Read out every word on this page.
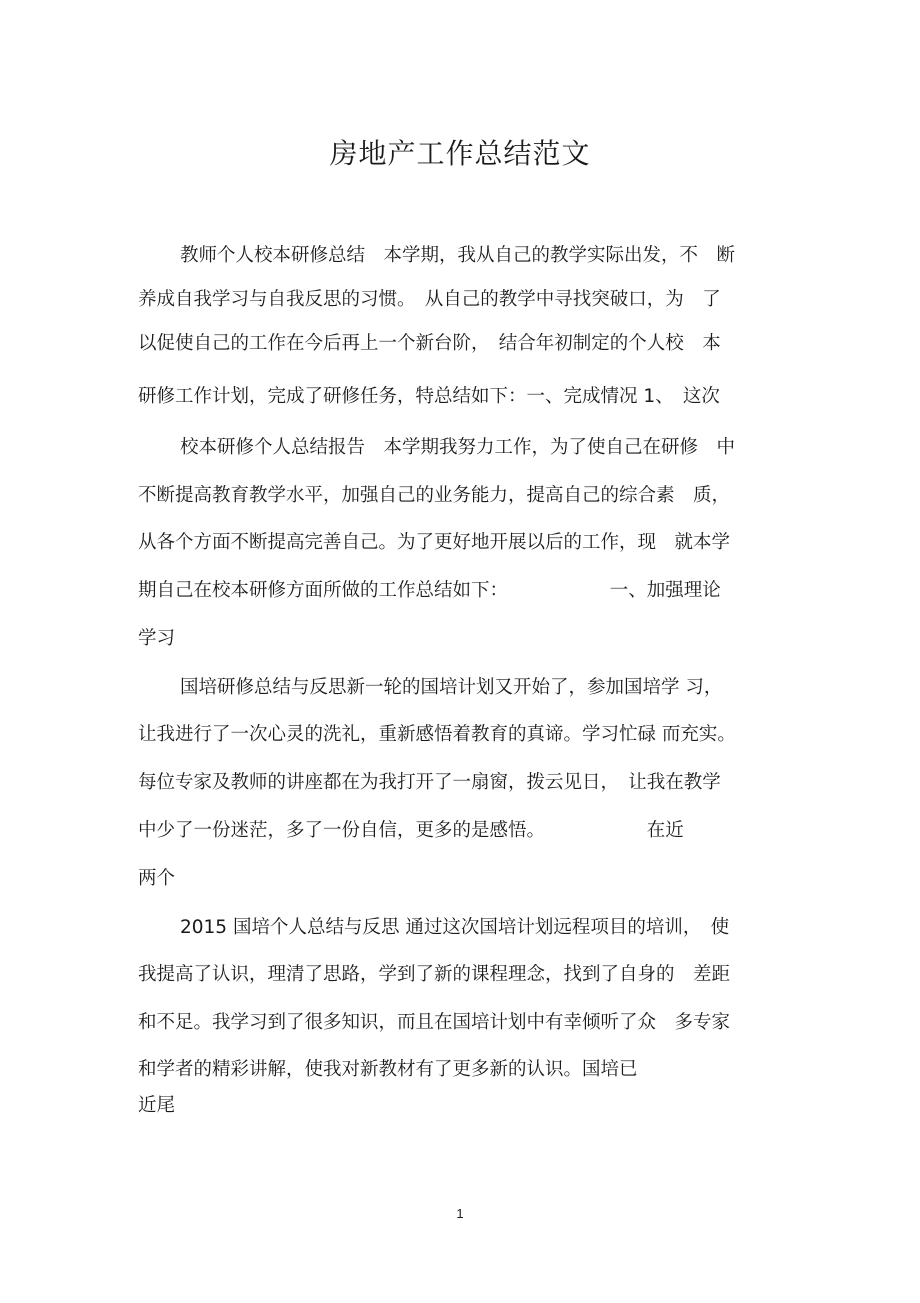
房地产工作总结范文
教师个人校本研修总结　本学期，我从自己的教学实际出发，不　断
养成自我学习与自我反思的习惯。　从自己的教学中寻找突破口，为　了
以促使自己的工作在今后再上一个新台阶，　结合年初制定的个人校　本
研修工作计划，完成了研修任务，特总结如下：一、完成情况 1、　这次
校本研修个人总结报告　本学期我努力工作，为了使自己在研修　中
不断提高教育教学水平，加强自己的业务能力，提高自己的综合素　质，
从各个方面不断提高完善自己。为了更好地开展以后的工作，现　就本学
期自己在校本研修方面所做的工作总结如下：　　　　　　一、加强理论
学习
国培研修总结与反思新一轮的国培计划又开始了，参加国培学 习，
让我进行了一次心灵的洗礼，重新感悟着教育的真谛。学习忙碌 而充实。
每位专家及教师的讲座都在为我打开了一扇窗，拨云见日，　让我在教学
中少了一份迷茫，多了一份自信，更多的是感悟。　　　　　　在近
两个
2015 国培个人总结与反思 通过这次国培计划远程项目的培训，　使
我提高了认识，理清了思路，学到了新的课程理念，找到了自身的　差距
和不足。我学习到了很多知识，而且在国培计划中有幸倾听了众　多专家
和学者的精彩讲解，使我对新教材有了更多新的认识。国培已
近尾
1
